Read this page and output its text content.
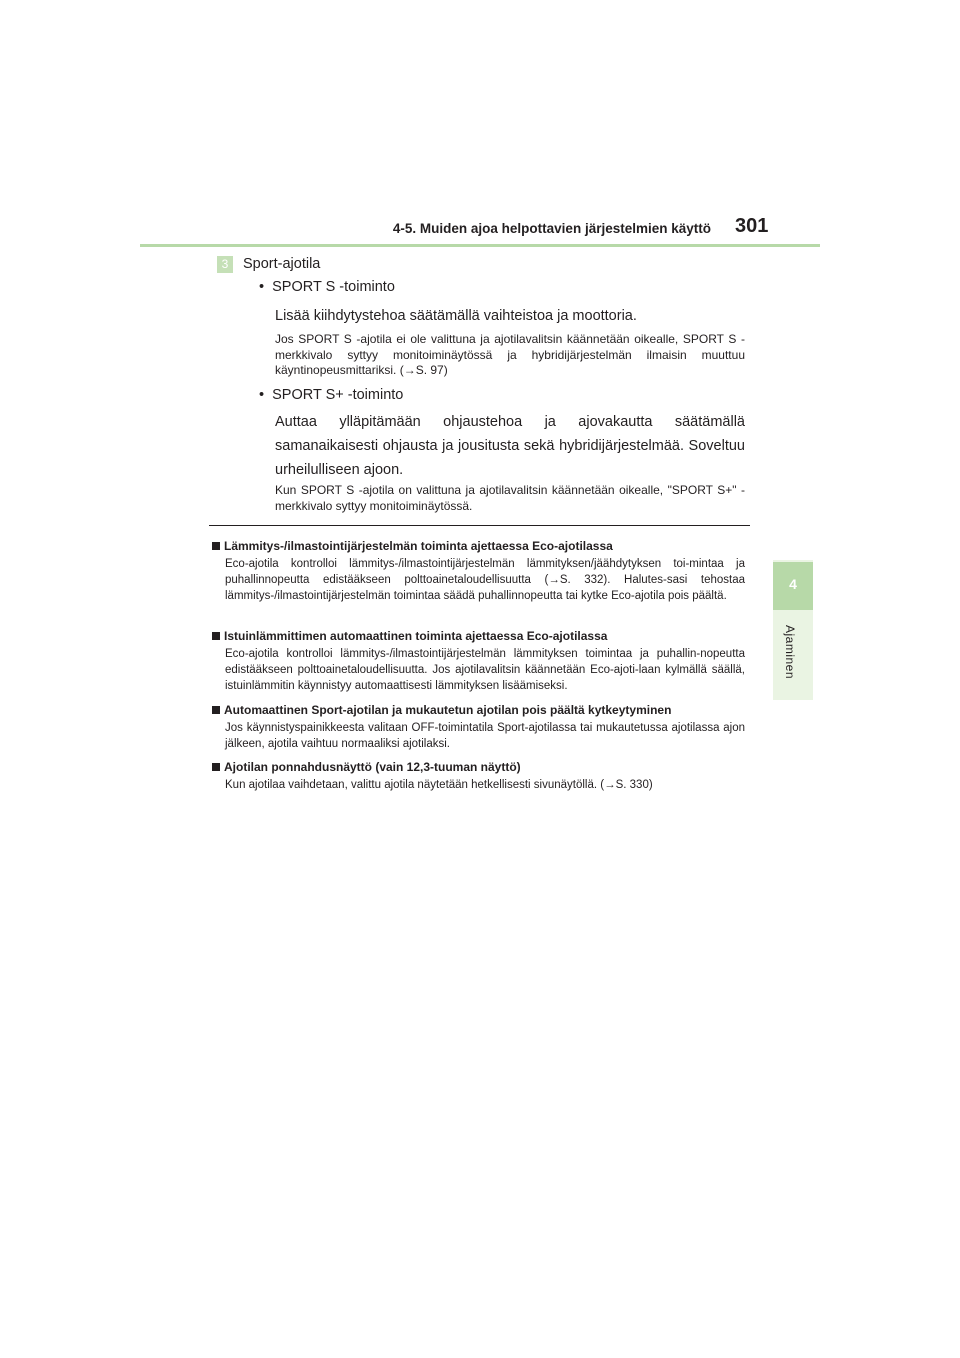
4-5. Muiden ajoa helpottavien järjestelmien käyttö 301
4
Ajaminen
3	Sport-ajotila
•  SPORT S -toiminto
Lisää kiihdytystehoa säätämällä vaihteistoa ja moottoria.
Jos SPORT S -ajotila ei ole valittuna ja ajotilavalitsin käännetään oikealle, SPORT S -merkkivalo syttyy monitoiminäytössä ja hybridijärjestelmän ilmaisin muuttuu käyntinopeusmittariksi. (→S. 97)
•  SPORT S+ -toiminto
Auttaa ylläpitämään ohjaustehoa ja ajovakautta säätämällä samanaikaisesti ohjausta ja jousitusta sekä hybridijärjestelmää. Soveltuu urheilulliseen ajoon.
Kun SPORT S -ajotila on valittuna ja ajotilavalitsin käännetään oikealle, "SPORT S+" -merkkivalo syttyy monitoiminäytössä.
Lämmitys-/ilmastointijärjestelmän toiminta ajettaessa Eco-ajotilassa
Eco-ajotila kontrolloi lämmitys-/ilmastointijärjestelmän lämmityksen/jäähdytyksen toi-mintaa ja puhallinnopeutta edistääkseen polttoainetaloudellisuutta (→S. 332). Halutes-sasi tehostaa lämmitys-/ilmastointijärjestelmän toimintaa säädä puhallinnopeutta tai kytke Eco-ajotila pois päältä.
Istuinlämmittimen automaattinen toiminta ajettaessa Eco-ajotilassa
Eco-ajotila kontrolloi lämmitys-/ilmastointijärjestelmän lämmityksen toimintaa ja puhallin-nopeutta edistääkseen polttoainetaloudellisuutta. Jos ajotilavalitsin käännetään Eco-ajoti-laan kylmällä säällä, istuinlämmitin käynnistyy automaattisesti lämmityksen lisäämiseksi.
Automaattinen Sport-ajotilan ja mukautetun ajotilan pois päältä kytkeytyminen
Jos käynnistyspainikkeesta valitaan OFF-toimintatila Sport-ajotilassa tai mukautetussa ajotilassa ajon jälkeen, ajotila vaihtuu normaaliksi ajotilaksi.
Ajotilan ponnahdusnäyttö (vain 12,3-tuuman näyttö)
Kun ajotilaa vaihdetaan, valittu ajotila näytetään hetkellisesti sivunäytöllä. (→S. 330)
